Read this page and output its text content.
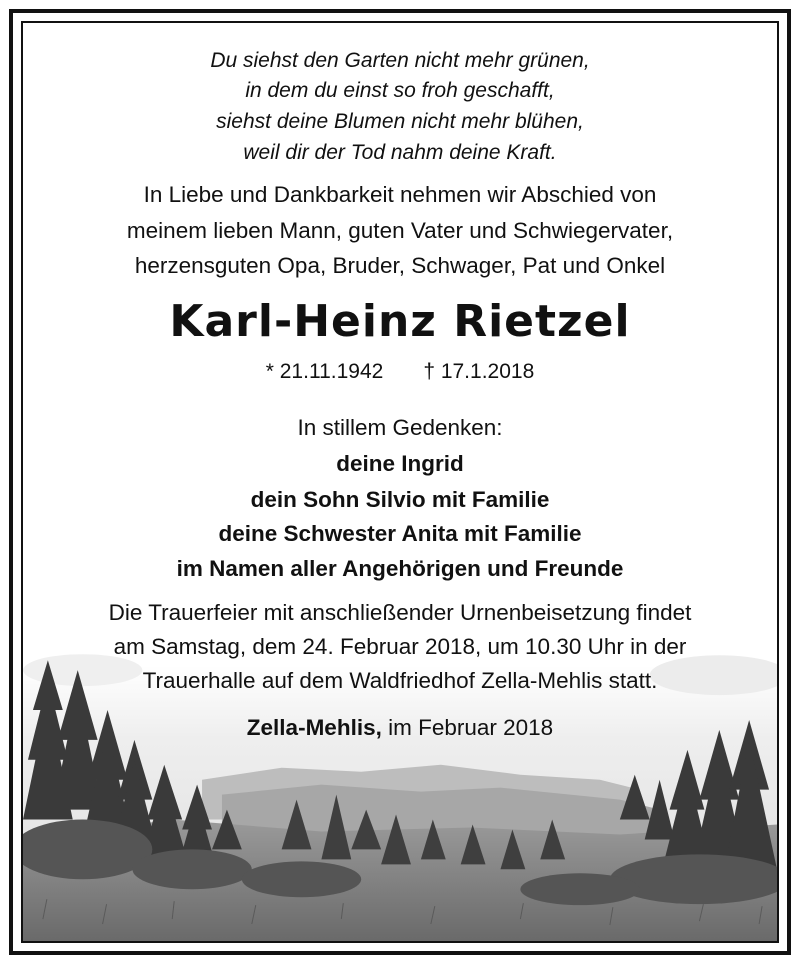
Du siehst den Garten nicht mehr grünen,
in dem du einst so froh geschafft,
siehst deine Blumen nicht mehr blühen,
weil dir der Tod nahm deine Kraft.
In Liebe und Dankbarkeit nehmen wir Abschied von
meinem lieben Mann, guten Vater und Schwiegervater,
herzensguten Opa, Bruder, Schwager, Pat und Onkel
Karl-Heinz Rietzel
* 21.11.1942 † 17.1.2018
In stillem Gedenken:
deine Ingrid
dein Sohn Silvio mit Familie
deine Schwester Anita mit Familie
im Namen aller Angehörigen und Freunde
Die Trauerfeier mit anschließender Urnenbeisetzung findet
am Samstag, dem 24. Februar 2018, um 10.30 Uhr in der
Trauerhalle auf dem Waldfriedhof Zella-Mehlis statt.
Zella-Mehlis, im Februar 2018
